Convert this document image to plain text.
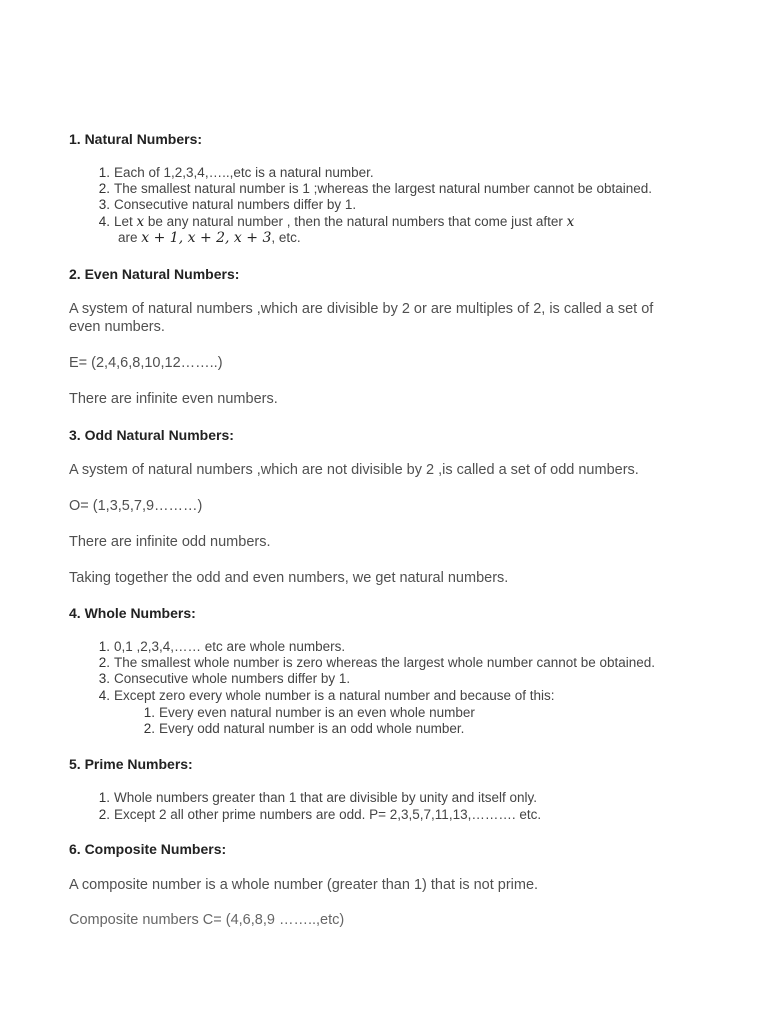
1. Natural Numbers:
1. Each of 1,2,3,4,…..,etc is a natural number.
2. The smallest natural number is 1 ;whereas the largest natural number cannot be obtained.
3. Consecutive natural numbers differ by 1.
4. Let x be any natural number , then the natural numbers that come just after x
are x + 1, x + 2, x + 3, etc.
2. Even Natural Numbers:
A system of natural numbers ,which are divisible by 2 or are multiples of 2, is called a set of
even numbers.
E= (2,4,6,8,10,12……..)
There are infinite even numbers.
3. Odd Natural Numbers:
A system of natural numbers ,which are not divisible by 2 ,is called a set of odd numbers.
O= (1,3,5,7,9………)
There are infinite odd numbers.
Taking together the odd and even numbers, we get natural numbers.
4. Whole Numbers:
1. 0,1 ,2,3,4,…… etc are whole numbers.
2. The smallest whole number is zero whereas the largest whole number cannot be obtained.
3. Consecutive whole numbers differ by 1.
4. Except zero every whole number is a natural number and because of this:
1. Every even natural number is an even whole number
2. Every odd natural number is an odd whole number.
5. Prime Numbers:
1. Whole numbers greater than 1 that are divisible by unity and itself only.
2. Except 2 all other prime numbers are odd. P= 2,3,5,7,11,13,………. etc.
6. Composite Numbers:
A composite number is a whole number (greater than 1) that is not prime.
Composite numbers C= (4,6,8,9 ……..,etc)
